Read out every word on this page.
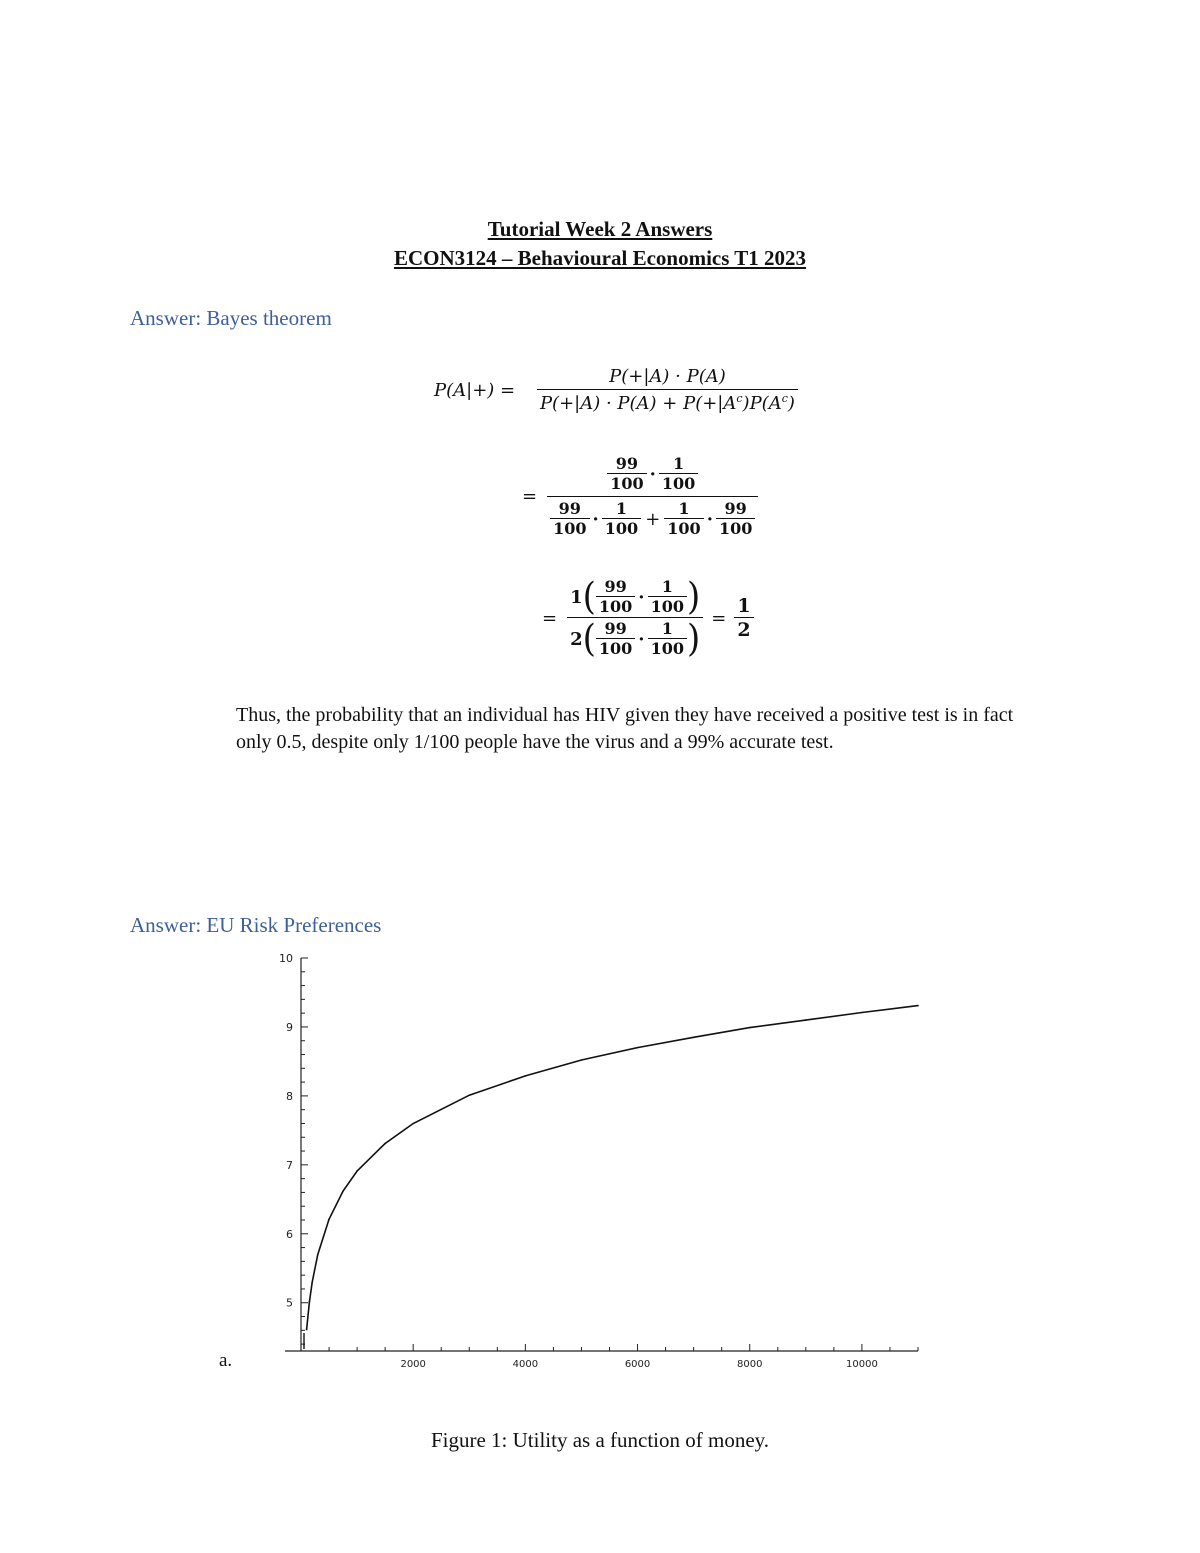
Tutorial Week 2 Answers
ECON3124 – Behavioural Economics T1 2023
Answer: Bayes theorem
$P(A|+) = \frac{P(+|A) \cdot P(A)}{P(+|A) \cdot P(A) + P(+|A^c)P(A^c)}$
=
$\frac{99}{100} \cdot \frac{1}{100}$
$\frac{99}{100} \cdot \frac{1}{100} + \frac{1}{100} \cdot \frac{99}{100}$
= $\frac{1 ( \frac{99}{100} \cdot \frac{1}{100} )}{2 ( \frac{99}{100} \cdot \frac{1}{100} )} = \frac{1}{2}$
Thus, the probability that an individual has HIV given they have received a positive test is in fact only 0.5, despite only 1/100 people have the virus and a 99% accurate test.
Answer: EU Risk Preferences
5
6
7
8
9
10
2000	4000	6000	8000	10000
a.
Figure 1: Utility as a function of money.
